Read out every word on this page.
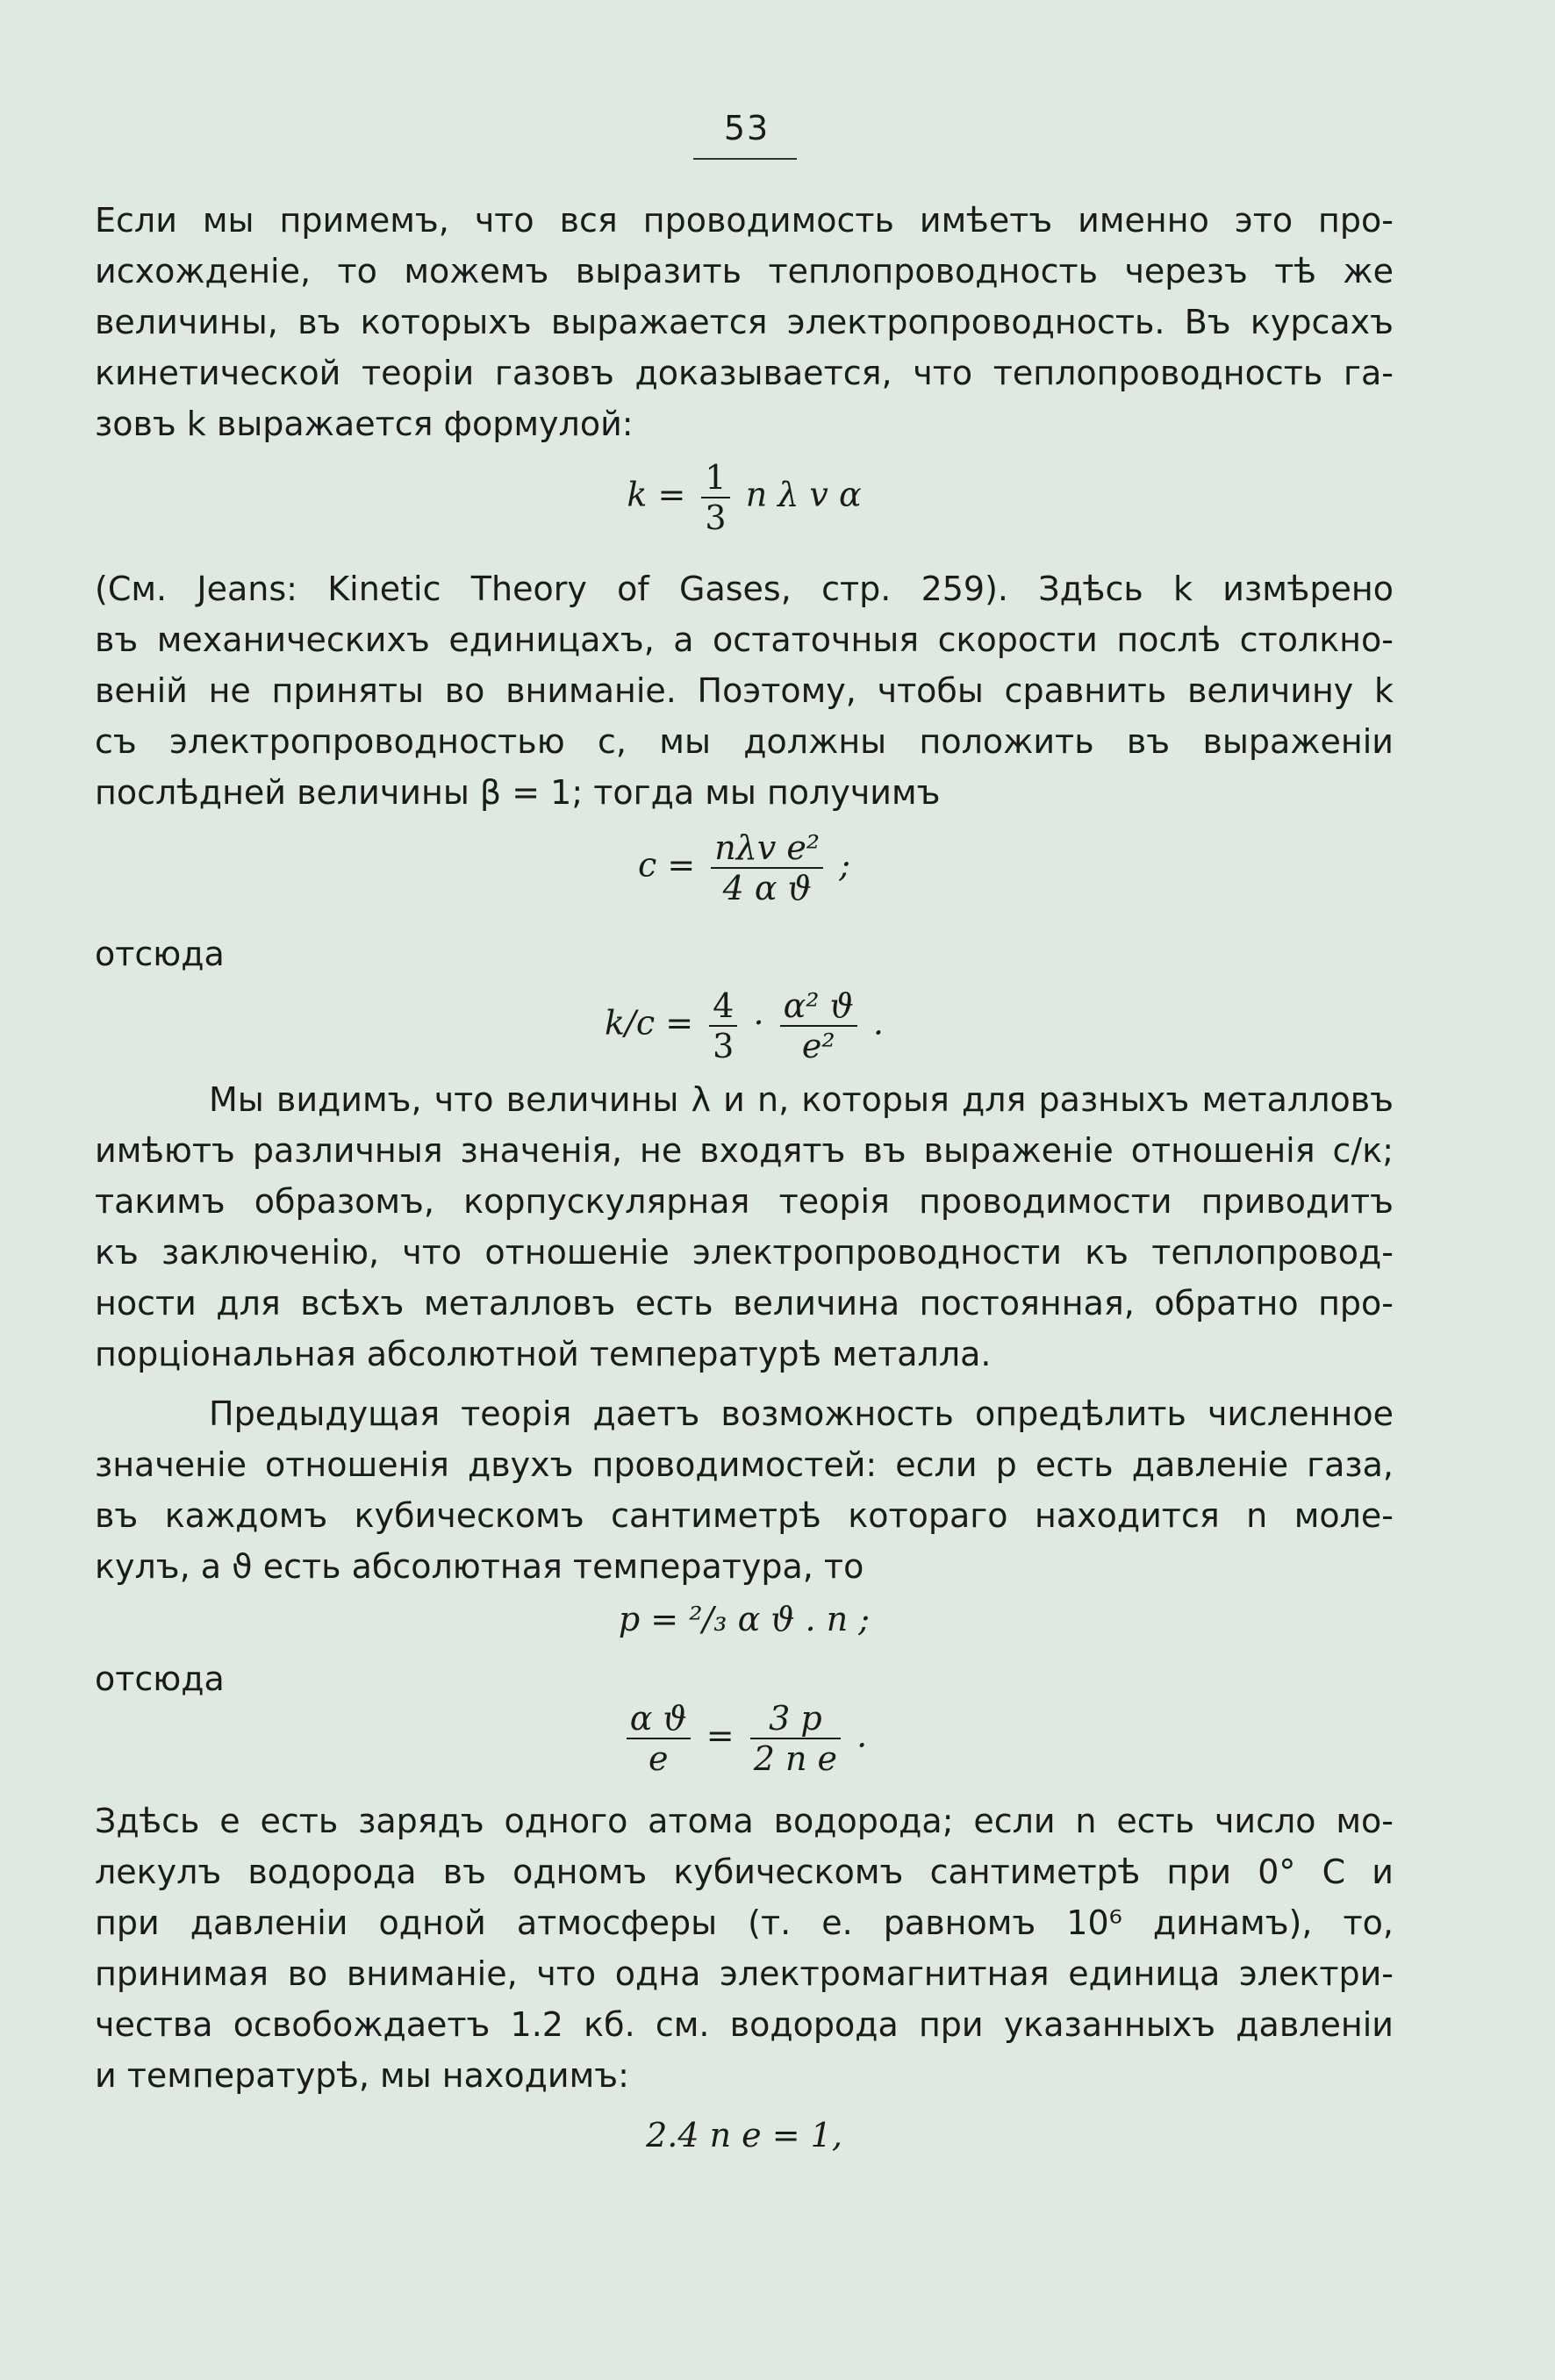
53
Если мы примемъ, что вся проводимость имѣетъ именно это про-
исхожденіе, то можемъ выразить теплопроводность черезъ тѣ же
величины, въ которыхъ выражается электропроводность. Въ курсахъ
кинетической теоріи газовъ доказывается, что теплопроводность га-
зовъ k выражается формулой:
$k = \frac{1}{3}$ n λ v α
(См. Jeans: Kinetic Theory of Gases, стр. 259). Здѣсь k измѣрено
въ механическихъ единицахъ, а остаточныя скорости послѣ столкно-
веній не приняты во вниманіе. Поэтому, чтобы сравнить величину k
съ электропроводностью c, мы должны положить въ выраженіи
послѣдней величины β = 1; тогда мы получимъ
$c = \frac{\text{nλv e²}}{\text{4 α ϑ}}$ ;
отсюда
$k/c = \frac{4}{3} \cdot \frac{\text{α² ϑ}}{\text{e²}}$ .
Мы видимъ, что величины λ и n, которыя для разныхъ металловъ
имѣютъ различныя значенія, не входятъ въ выраженіе отношенія c/к;
такимъ образомъ, корпускулярная теорія проводимости приводитъ
къ заключенію, что отношеніе электропроводности къ теплопровод-
ности для всѣхъ металловъ есть величина постоянная, обратно про-
порціональная абсолютной температурѣ металла.
Предыдущая теорія даетъ возможность опредѣлить численное
значеніе отношенія двухъ проводимостей: если p есть давленіе газа,
въ каждомъ кубическомъ сантиметрѣ котораго находится n моле-
кулъ, а ϑ есть абсолютная температура, то
p = ²/₃ α ϑ . n ;
отсюда
$\frac{\text{α ϑ}}{e} = \frac{3 p}{\text{2 n e}}$ .
Здѣсь e есть зарядъ одного атома водорода; если n есть число мо-
лекулъ водорода въ одномъ кубическомъ сантиметрѣ при 0° C и
при давленіи одной атмосферы (т. е. равномъ 10⁶ динамъ), то,
принимая во вниманіе, что одна электромагнитная единица электри-
чества освобождаетъ 1.2 кб. см. водорода при указанныхъ давленіи
и температурѣ, мы находимъ:
2.4 n e = 1,
